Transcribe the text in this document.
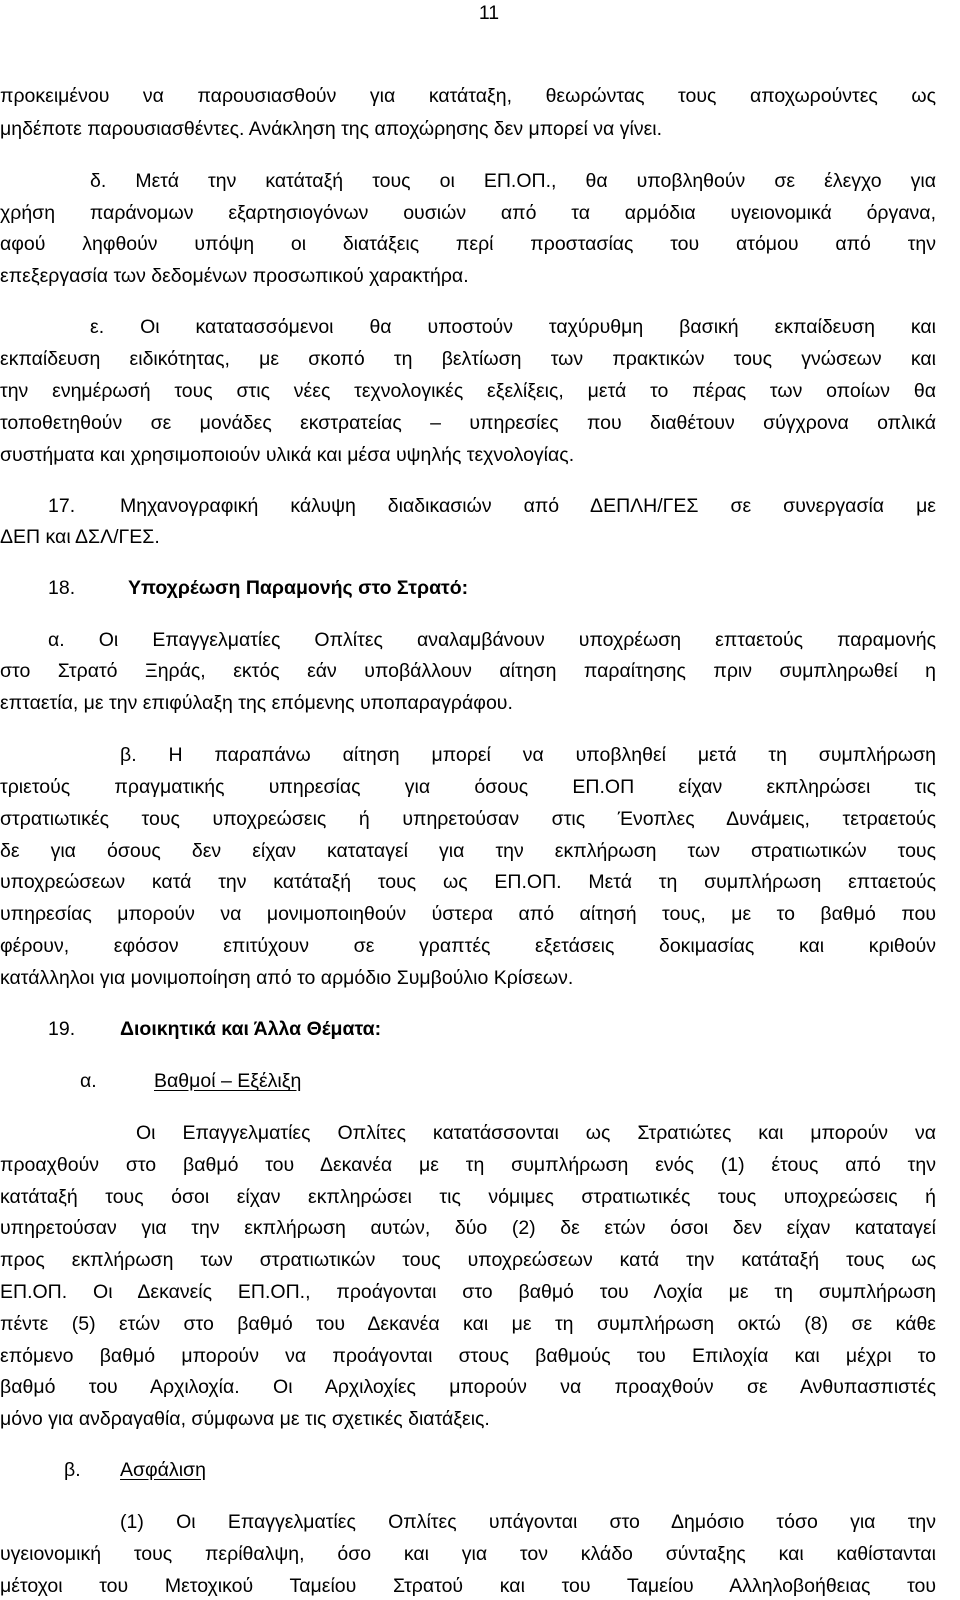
11
προκειμένου να παρουσιασθούν για κατάταξη, θεωρώντας τους αποχωρούντες ως
μηδέποτε παρουσιασθέντες. Ανάκληση της αποχώρησης δεν μπορεί να γίνει.
δ. Μετά την κατάταξή τους οι ΕΠ.ΟΠ., θα υποβληθούν σε έλεγχο για
χρήση παράνομων εξαρτησιογόνων ουσιών από τα αρμόδια υγειονομικά όργανα,
αφού ληφθούν υπόψη οι διατάξεις περί προστασίας του ατόμου από την
επεξεργασία των δεδομένων προσωπικού χαρακτήρα.
ε. Οι κατατασσόμενοι θα υποστούν ταχύρυθμη βασική εκπαίδευση και
εκπαίδευση ειδικότητας, με σκοπό τη βελτίωση των πρακτικών τους γνώσεων και
την ενημέρωσή τους στις νέες τεχνολογικές εξελίξεις, μετά το πέρας των οποίων θα
τοποθετηθούν σε μονάδες εκστρατείας – υπηρεσίες που διαθέτουν σύγχρονα οπλικά
συστήματα και χρησιμοποιούν υλικά και μέσα υψηλής τεχνολογίας.
17.	Μηχανογραφική κάλυψη διαδικασιών από ΔΕΠΛΗ/ΓΕΣ σε συνεργασία με
ΔΕΠ και ΔΣΛ/ΓΕΣ.
18.	Υποχρέωση Παραμονής στο Στρατό:
α. Οι Επαγγελματίες Οπλίτες αναλαμβάνουν υποχρέωση επταετούς παραμονής
στο Στρατό Ξηράς, εκτός εάν υποβάλλουν αίτηση παραίτησης πριν συμπληρωθεί η
επταετία, με την επιφύλαξη της επόμενης υποπαραγράφου.
β. Η παραπάνω αίτηση μπορεί να υποβληθεί μετά τη συμπλήρωση
τριετούς πραγματικής υπηρεσίας για όσους ΕΠ.ΟΠ είχαν εκπληρώσει τις
στρατιωτικές τους υποχρεώσεις ή υπηρετούσαν στις Ένοπλες Δυνάμεις, τετραετούς
δε για όσους δεν είχαν καταταγεί για την εκπλήρωση των στρατιωτικών τους
υποχρεώσεων κατά την κατάταξή τους ως ΕΠ.ΟΠ. Μετά τη συμπλήρωση επταετούς
υπηρεσίας μπορούν να μονιμοποιηθούν ύστερα από αίτησή τους, με το βαθμό που
φέρουν, εφόσον επιτύχουν σε γραπτές εξετάσεις δοκιμασίας και κριθούν
κατάλληλοι για μονιμοποίηση από το αρμόδιο Συμβούλιο Κρίσεων.
19.	Διοικητικά και Άλλα Θέματα:
α.	Βαθμοί – Εξέλιξη
Οι Επαγγελματίες Οπλίτες κατατάσσονται ως Στρατιώτες και μπορούν να
προαχθούν στο βαθμό του Δεκανέα με τη συμπλήρωση ενός (1) έτους από την
κατάταξή τους όσοι είχαν εκπληρώσει τις νόμιμες στρατιωτικές τους υποχρεώσεις ή
υπηρετούσαν για την εκπλήρωση αυτών, δύο (2) δε ετών όσοι δεν είχαν καταταγεί
προς εκπλήρωση των στρατιωτικών τους υποχρεώσεων κατά την κατάταξή τους ως
ΕΠ.ΟΠ. Οι Δεκανείς ΕΠ.ΟΠ., προάγονται στο βαθμό του Λοχία με τη συμπλήρωση
πέντε (5) ετών στο βαθμό του Δεκανέα και με τη συμπλήρωση οκτώ (8) σε κάθε
επόμενο βαθμό μπορούν να προάγονται στους βαθμούς του Επιλοχία και μέχρι το
βαθμό του Αρχιλοχία. Οι Αρχιλοχίες μπορούν να προαχθούν σε Ανθυπασπιστές
μόνο για ανδραγαθία, σύμφωνα με τις σχετικές διατάξεις.
β.	Ασφάλιση
(1) Οι Επαγγελματίες Οπλίτες υπάγονται στο Δημόσιο τόσο για την
υγειονομική τους περίθαλψη, όσο και για τον κλάδο σύνταξης και καθίστανται
μέτοχοι του Μετοχικού Ταμείου Στρατού και του Ταμείου Αλληλοβοήθειας του
